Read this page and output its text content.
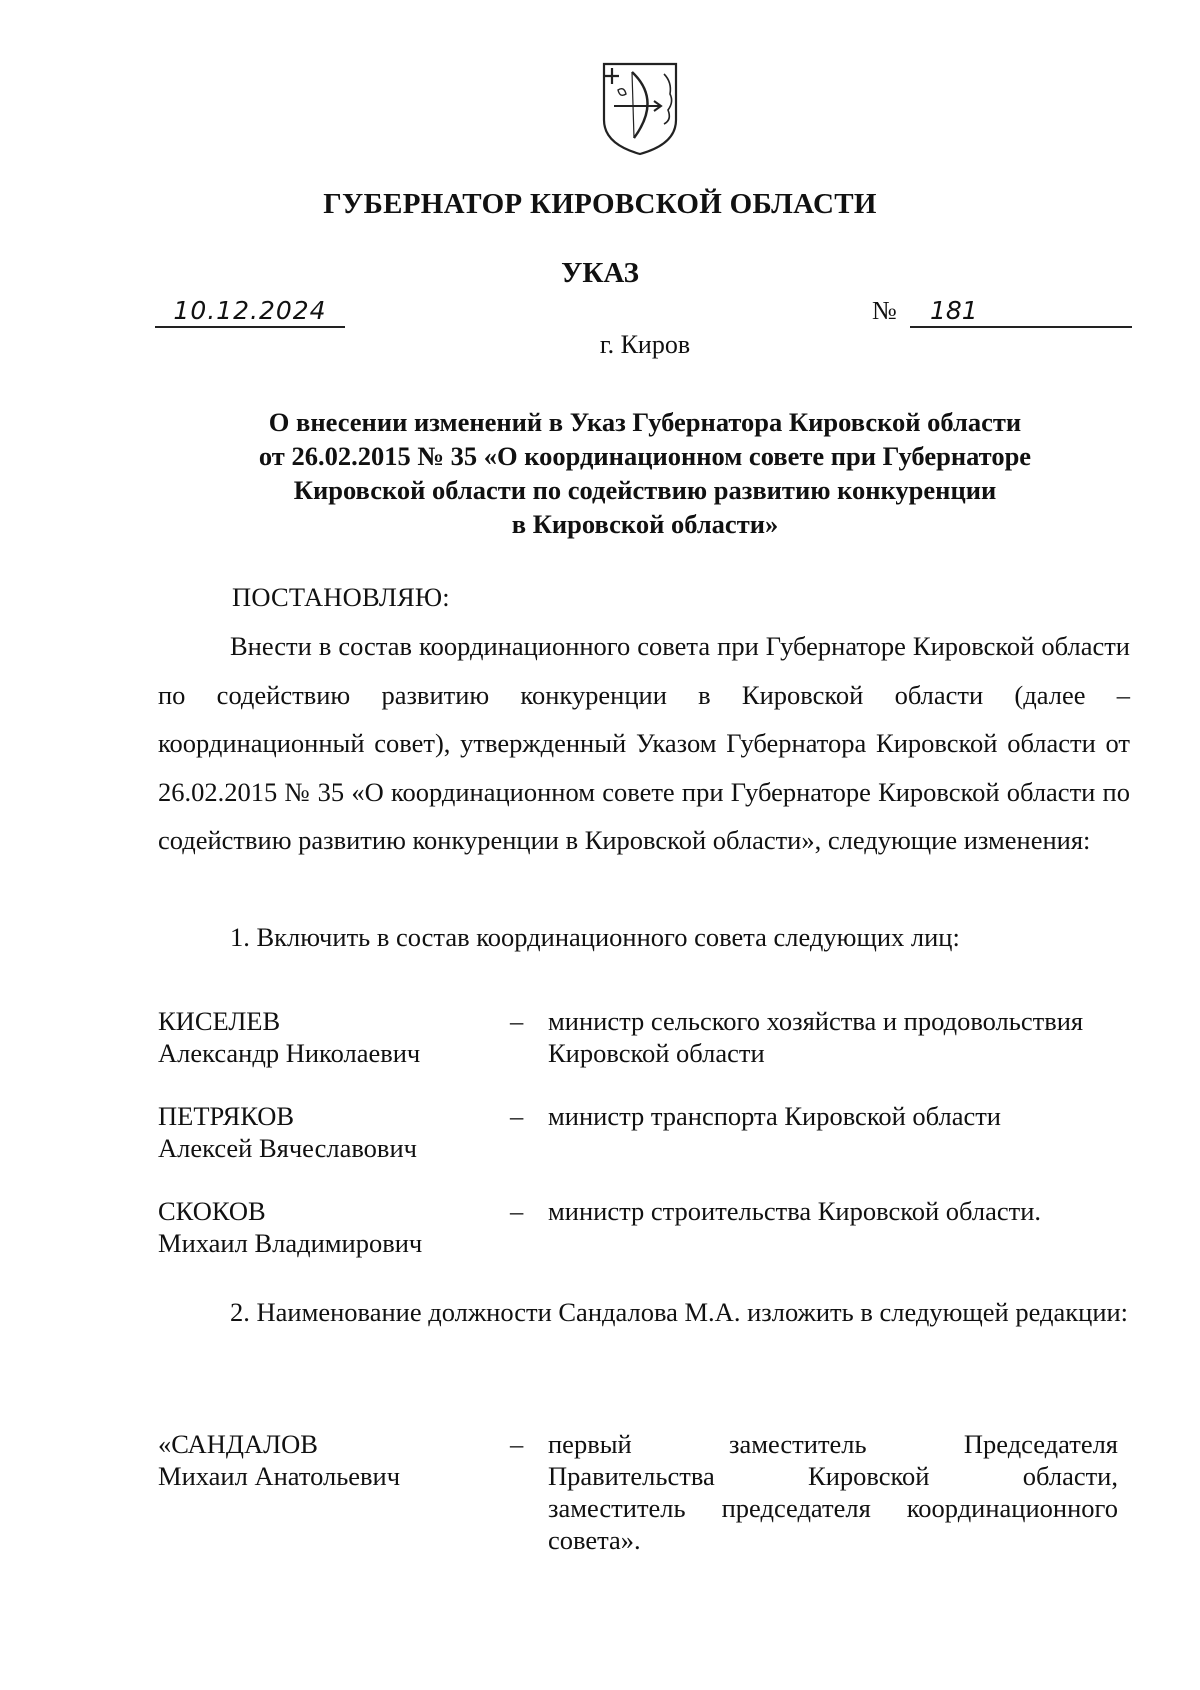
ГУБЕРНАТОР КИРОВСКОЙ ОБЛАСТИ
УКАЗ
10.12.2024	№	181
г. Киров
О внесении изменений в Указ Губернатора Кировской области
от 26.02.2015 № 35 «О координационном совете при Губернаторе
Кировской области по содействию развитию конкуренции
в Кировской области»
ПОСТАНОВЛЯЮ:
Внести в состав координационного совета при Губернаторе Кировской области по содействию развитию конкуренции в Кировской области (далее – координационный совет), утвержденный Указом Губернатора Кировской области от 26.02.2015 № 35 «О координационном совете при Губернаторе Кировской области по содействию развитию конкуренции в Кировской области», следующие изменения:
1. Включить в состав координационного совета следующих лиц:
КИСЕЛЕВ
Александр Николаевич
– министр сельского хозяйства и продовольствия Кировской области
ПЕТРЯКОВ
Алексей Вячеславович
– министр транспорта Кировской области
СКОКОВ
Михаил Владимирович
– министр строительства Кировской области.
2. Наименование должности Сандалова М.А. изложить в следующей редакции:
«САНДАЛОВ
Михаил Анатольевич
– первый заместитель Председателя
Правительства Кировской области,
заместитель председателя координационного
совета».
